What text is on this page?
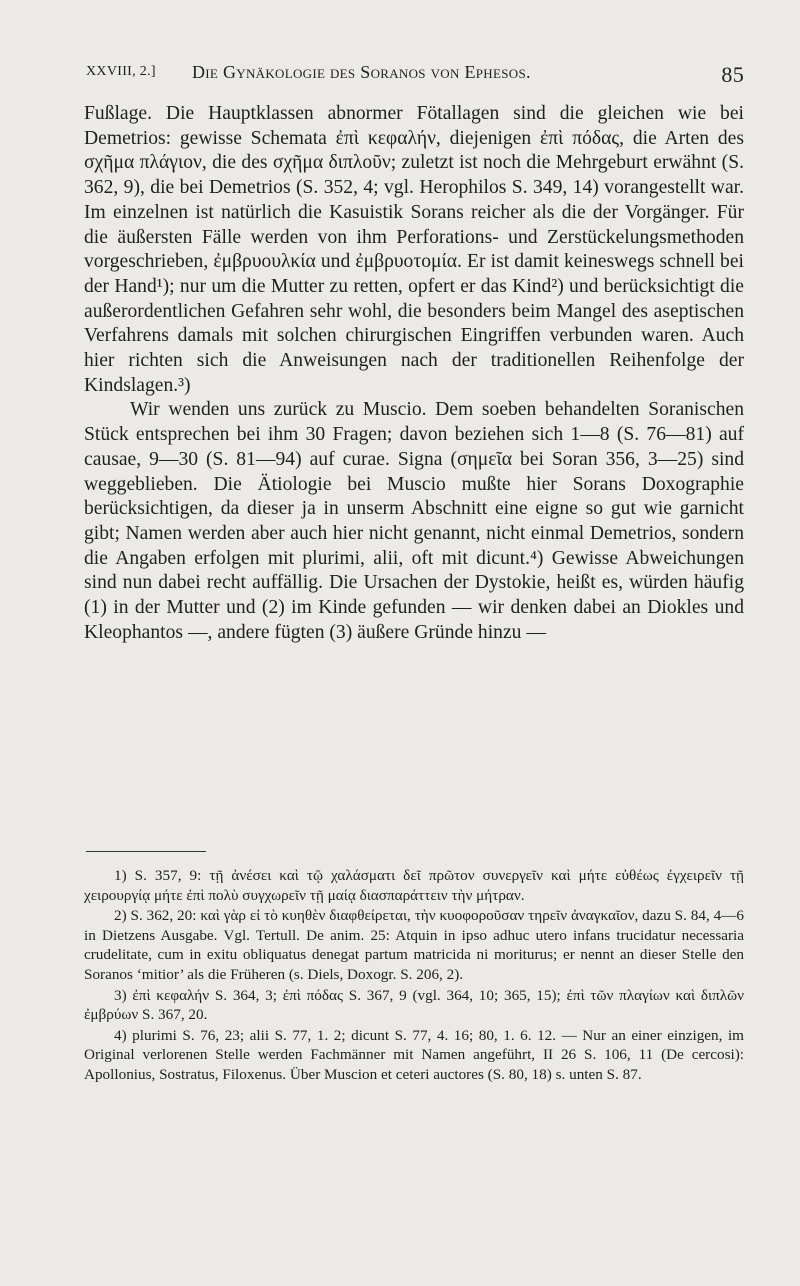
XXVIII, 2.] Die Gynäkologie des Soranos von Ephesos.	85

Fußlage. Die Hauptklassen abnormer Fötallagen sind die gleichen wie bei Demetrios: gewisse Schemata ἐπὶ κεφαλήν, diejenigen ἐπὶ πόδας, die Arten des σχῆμα πλάγιον, die des σχῆμα διπλοῦν; zuletzt ist noch die Mehrgeburt erwähnt (S. 362, 9), die bei Demetrios (S. 352, 4; vgl. Herophilos S. 349, 14) vorangestellt war. Im einzelnen ist natürlich die Kasuistik Sorans reicher als die der Vorgänger. Für die äußersten Fälle werden von ihm Perforations- und Zerstückelungsmethoden vorgeschrieben, ἐμβρυουλκία und ἐμβρυοτομία. Er ist damit keineswegs schnell bei der Hand¹); nur um die Mutter zu retten, opfert er das Kind²) und berücksichtigt die außerordentlichen Gefahren sehr wohl, die besonders beim Mangel des aseptischen Verfahrens damals mit solchen chirurgischen Eingriffen verbunden waren. Auch hier richten sich die Anweisungen nach der traditionellen Reihenfolge der Kindslagen.³)

Wir wenden uns zurück zu Muscio. Dem soeben behandelten Soranischen Stück entsprechen bei ihm 30 Fragen; davon beziehen sich 1—8 (S. 76—81) auf causae, 9—30 (S. 81—94) auf curae. Signa (σημεῖα bei Soran 356, 3—25) sind weggeblieben. Die Ätiologie bei Muscio mußte hier Sorans Doxographie berücksichtigen, da dieser ja in unserm Abschnitt eine eigne so gut wie garnicht gibt; Namen werden aber auch hier nicht genannt, nicht einmal Demetrios, sondern die Angaben erfolgen mit plurimi, alii, oft mit dicunt.⁴) Gewisse Abweichungen sind nun dabei recht auffällig. Die Ursachen der Dystokie, heißt es, würden häufig (1) in der Mutter und (2) im Kinde gefunden — wir denken dabei an Diokles und Kleophantos —, andere fügten (3) äußere Gründe hinzu —

1) S. 357, 9: τῇ ἀνέσει καὶ τῷ χαλάσματι δεῖ πρῶτον συνεργεῖν καὶ μήτε εὐθέως ἐγχειρεῖν τῇ χειρουργίᾳ μήτε ἐπὶ πολὺ συγχωρεῖν τῇ μαίᾳ διασπαράττειν τὴν μήτραν.

2) S. 362, 20: καὶ γὰρ εἰ τὸ κυηθὲν διαφθείρεται, τὴν κυοφοροῦσαν τηρεῖν ἀναγκαῖον, dazu S. 84, 4—6 in Dietzens Ausgabe. Vgl. Tertull. De anim. 25: Atquin in ipso adhuc utero infans trucidatur necessaria crudelitate, cum in exitu obliquatus denegat partum matricida ni moriturus; er nennt an dieser Stelle den Soranos ‘mitior’ als die Früheren (s. Diels, Doxogr. S. 206, 2).

3) ἐπὶ κεφαλήν S. 364, 3; ἐπὶ πόδας S. 367, 9 (vgl. 364, 10; 365, 15); ἐπὶ τῶν πλαγίων καὶ διπλῶν ἐμβρύων S. 367, 20.

4) plurimi S. 76, 23; alii S. 77, 1. 2; dicunt S. 77, 4. 16; 80, 1. 6. 12. — Nur an einer einzigen, im Original verlorenen Stelle werden Fachmänner mit Namen angeführt, II 26 S. 106, 11 (De cercosi): Apollonius, Sostratus, Filoxenus. Über Muscion et ceteri auctores (S. 80, 18) s. unten S. 87.
